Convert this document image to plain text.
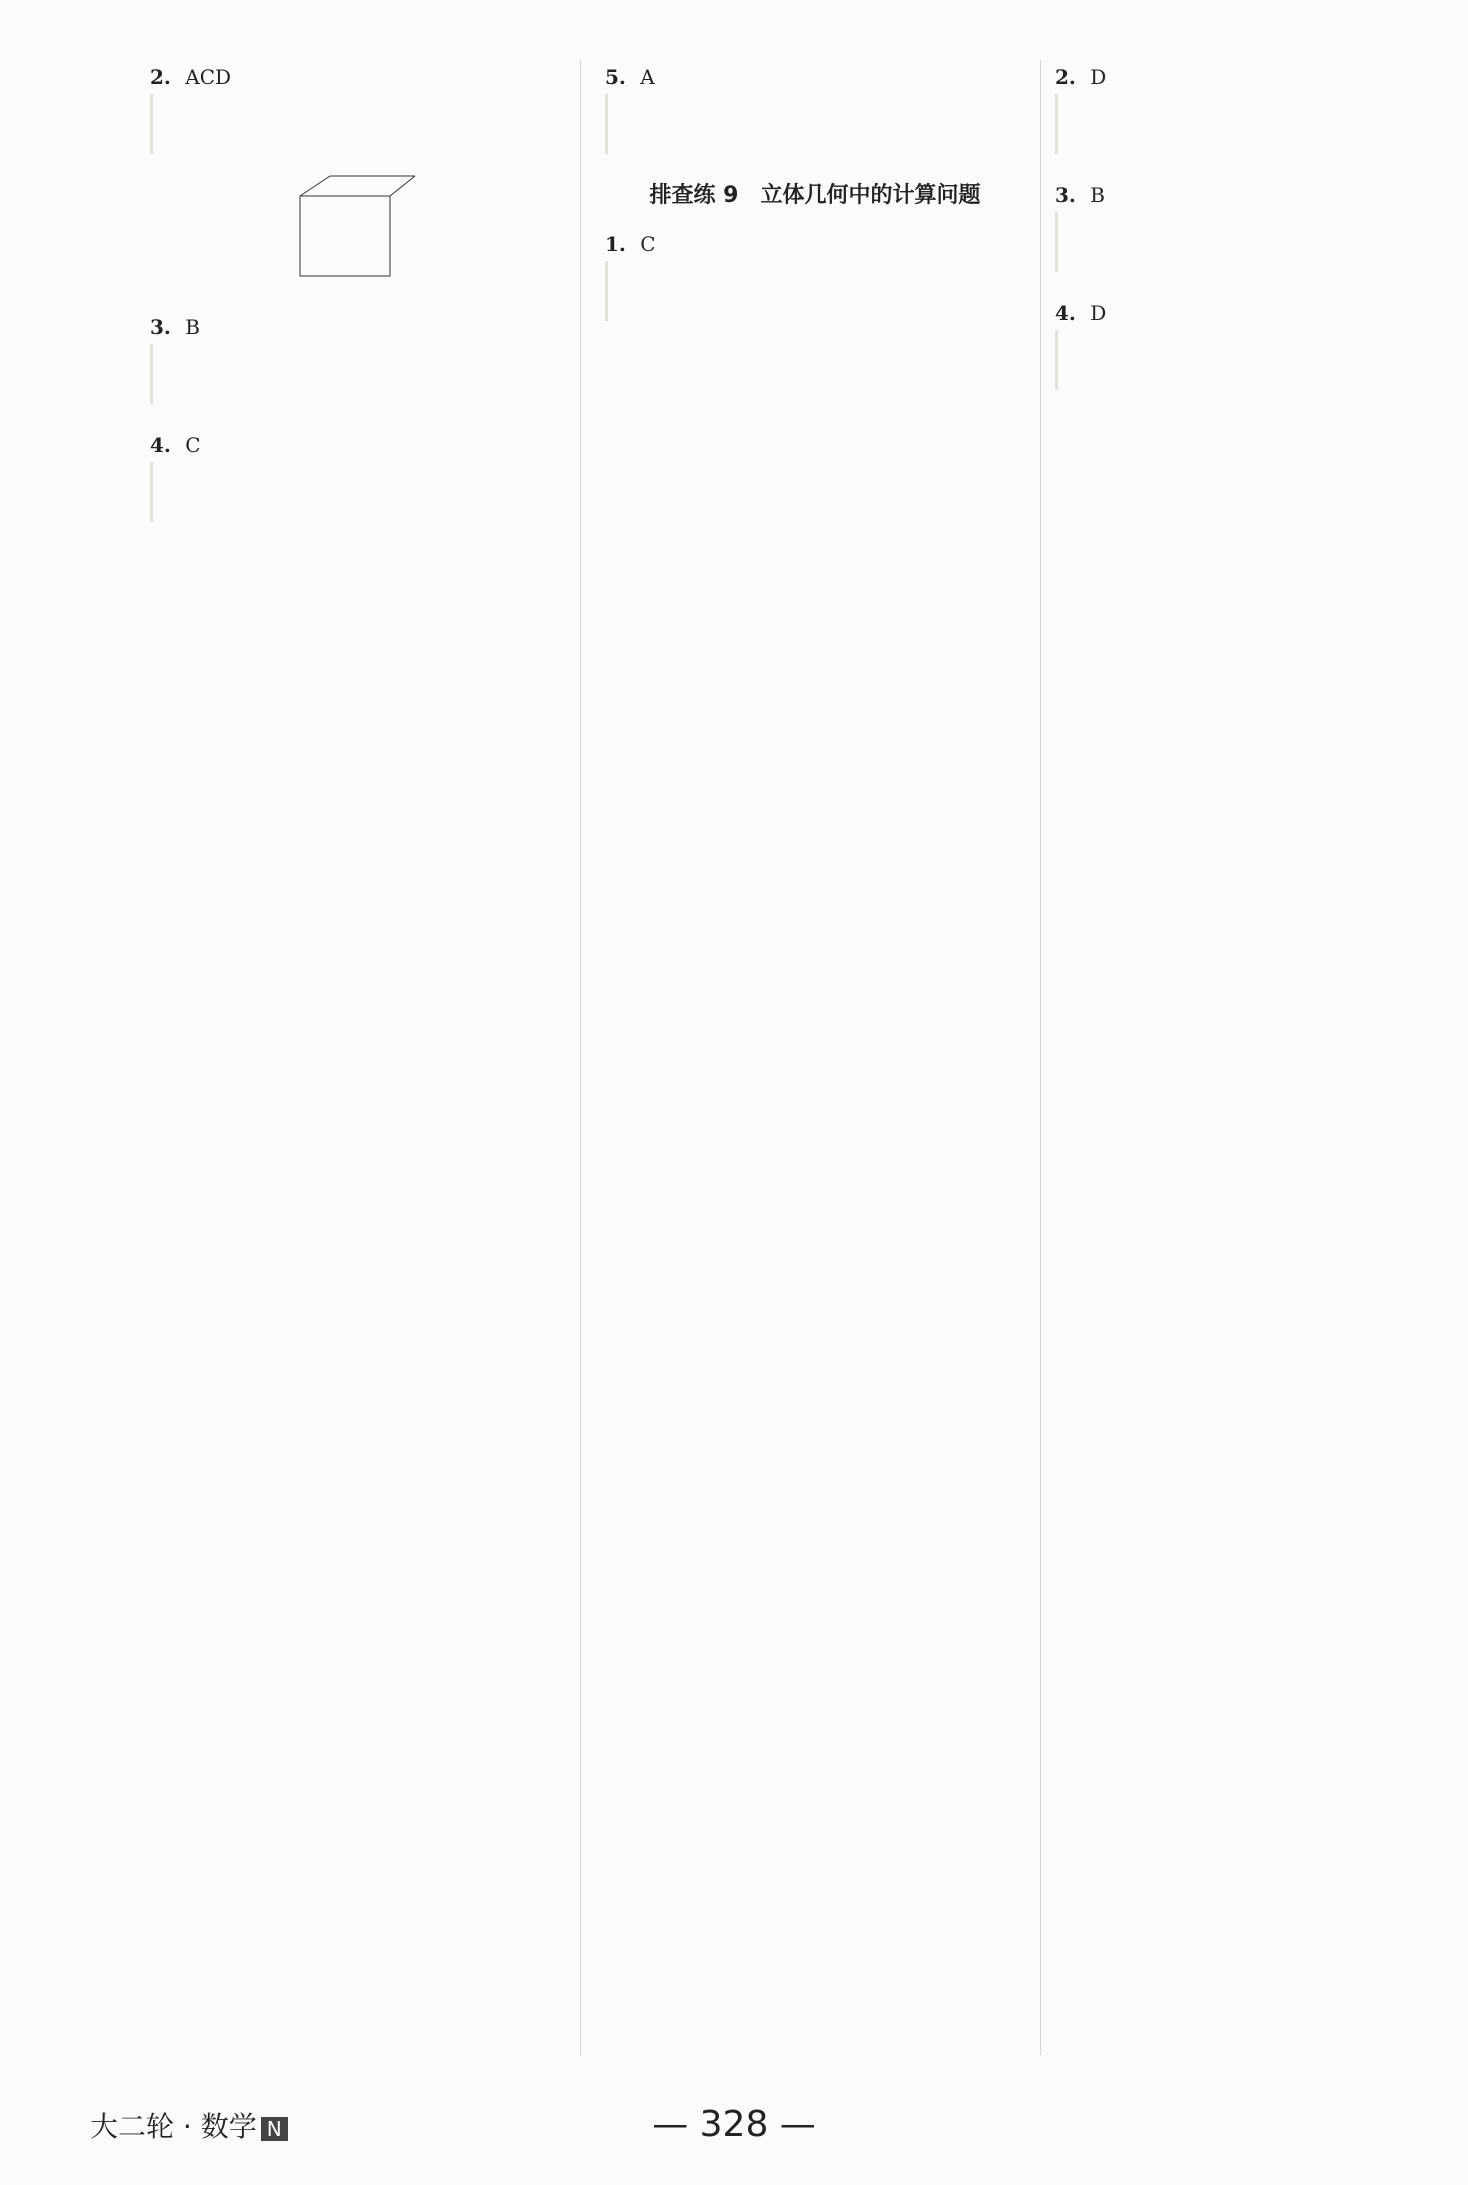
2. ACD
3. B
4. C
5. A
排查练 9　立体几何中的计算问题
1. C
2. D
3. B
4. D
大二轮 · 数学 N	— 328 —
